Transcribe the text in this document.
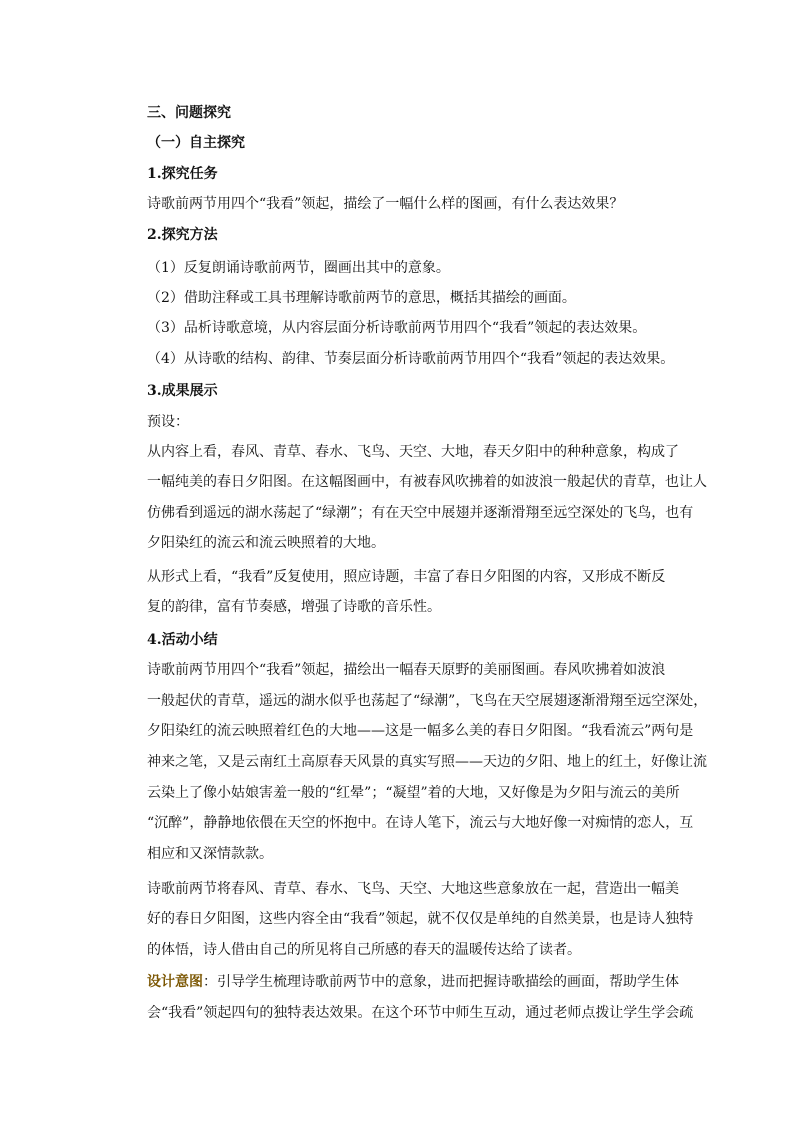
三、问题探究
（一）自主探究
1.探究任务
诗歌前两节用四个“我看”领起，描绘了一幅什么样的图画，有什么表达效果？
2.探究方法
（1）反复朗诵诗歌前两节，圈画出其中的意象。
（2）借助注释或工具书理解诗歌前两节的意思，概括其描绘的画面。
（3）品析诗歌意境，从内容层面分析诗歌前两节用四个“我看”领起的表达效果。
（4）从诗歌的结构、韵律、节奏层面分析诗歌前两节用四个“我看”领起的表达效果。
3.成果展示
预设：
从内容上看，春风、青草、春水、飞鸟、天空、大地，春天夕阳中的种种意象，构成了
一幅纯美的春日夕阳图。在这幅图画中，有被春风吹拂着的如波浪一般起伏的青草，也让人
仿佛看到遥远的湖水荡起了“绿潮”；有在天空中展翅并逐渐滑翔至远空深处的飞鸟，也有
夕阳染红的流云和流云映照着的大地。
从形式上看，“我看”反复使用，照应诗题，丰富了春日夕阳图的内容，又形成不断反
复的韵律，富有节奏感，增强了诗歌的音乐性。
4.活动小结
诗歌前两节用四个“我看”领起，描绘出一幅春天原野的美丽图画。春风吹拂着如波浪
一般起伏的青草，遥远的湖水似乎也荡起了“绿潮”，飞鸟在天空展翅逐渐滑翔至远空深处，
夕阳染红的流云映照着红色的大地——这是一幅多么美的春日夕阳图。“我看流云”两句是
神来之笔，又是云南红土高原春天风景的真实写照——天边的夕阳、地上的红土，好像让流
云染上了像小姑娘害羞一般的“红晕”；“凝望”着的大地，又好像是为夕阳与流云的美所
“沉醉”，静静地依偎在天空的怀抱中。在诗人笔下，流云与大地好像一对痴情的恋人，互
相应和又深情款款。
诗歌前两节将春风、青草、春水、飞鸟、天空、大地这些意象放在一起，营造出一幅美
好的春日夕阳图，这些内容全由“我看”领起，就不仅仅是单纯的自然美景，也是诗人独特
的体悟，诗人借由自己的所见将自己所感的春天的温暖传达给了读者。
设计意图：引导学生梳理诗歌前两节中的意象，进而把握诗歌描绘的画面，帮助学生体
会“我看”领起四句的独特表达效果。在这个环节中师生互动，通过老师点拨让学生学会疏
